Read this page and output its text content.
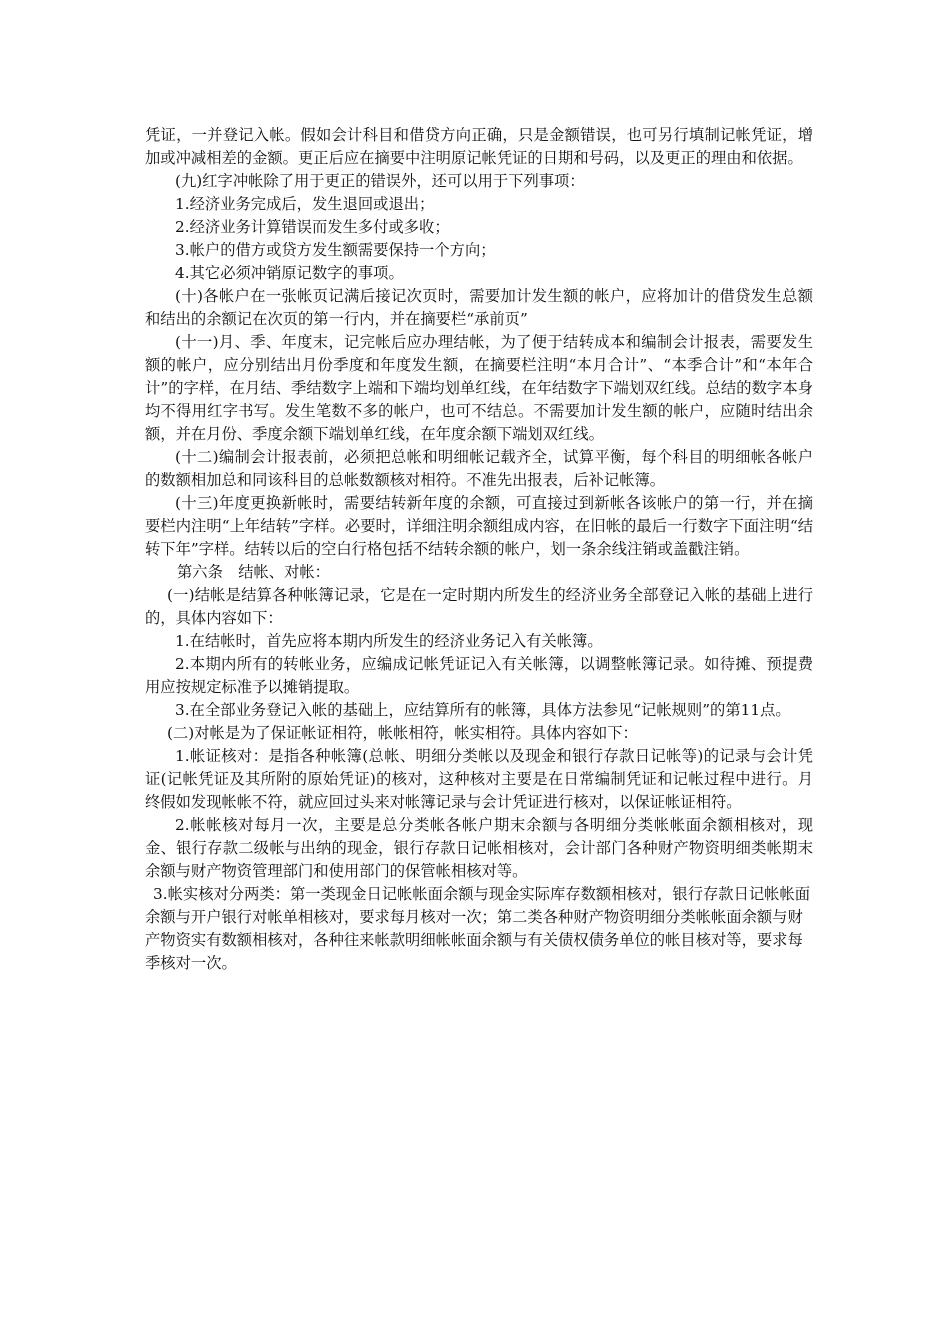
凭证，一并登记入帐。假如会计科目和借贷方向正确，只是金额错误，也可另行填制记帐凭证，增加或冲减相差的金额。更正后应在摘要中注明原记帐凭证的日期和号码，以及更正的理由和依据。

(九)红字冲帐除了用于更正的错误外，还可以用于下列事项：

1.经济业务完成后，发生退回或退出；

2.经济业务计算错误而发生多付或多收；

3.帐户的借方或贷方发生额需要保持一个方向；

4.其它必须冲销原记数字的事项。

(十)各帐户在一张帐页记满后接记次页时，需要加计发生额的帐户，应将加计的借贷发生总额和结出的余额记在次页的第一行内，并在摘要栏“承前页”

(十一)月、季、年度末，记完帐后应办理结帐，为了便于结转成本和编制会计报表，需要发生额的帐户，应分别结出月份季度和年度发生额，在摘要栏注明“本月合计”、“本季合计”和“本年合计”的字样，在月结、季结数字上端和下端均划单红线，在年结数字下端划双红线。总结的数字本身均不得用红字书写。发生笔数不多的帐户，也可不结总。不需要加计发生额的帐户，应随时结出余额，并在月份、季度余额下端划单红线，在年度余额下端划双红线。

(十二)编制会计报表前，必须把总帐和明细帐记载齐全，试算平衡，每个科目的明细帐各帐户的数额相加总和同该科目的总帐数额核对相符。不准先出报表，后补记帐簿。

(十三)年度更换新帐时，需要结转新年度的余额，可直接过到新帐各该帐户的第一行，并在摘要栏内注明“上年结转”字样。必要时，详细注明余额组成内容，在旧帐的最后一行数字下面注明“结转下年”字样。结转以后的空白行格包括不结转余额的帐户，划一条余线注销或盖戳注销。

第六条　结帐、对帐：

(一)结帐是结算各种帐簿记录，它是在一定时期内所发生的经济业务全部登记入帐的基础上进行的，具体内容如下：

1.在结帐时，首先应将本期内所发生的经济业务记入有关帐簿。

2.本期内所有的转帐业务，应编成记帐凭证记入有关帐簿，以调整帐簿记录。如待摊、预提费用应按规定标准予以摊销提取。

3.在全部业务登记入帐的基础上，应结算所有的帐簿，具体方法参见“记帐规则”的第11点。

(二)对帐是为了保证帐证相符，帐帐相符，帐实相符。具体内容如下：

1.帐证核对：是指各种帐簿(总帐、明细分类帐以及现金和银行存款日记帐等)的记录与会计凭证(记帐凭证及其所附的原始凭证)的核对，这种核对主要是在日常编制凭证和记帐过程中进行。月终假如发现帐帐不符，就应回过头来对帐簿记录与会计凭证进行核对，以保证帐证相符。

2.帐帐核对每月一次，主要是总分类帐各帐户期末余额与各明细分类帐帐面余额相核对，现金、银行存款二级帐与出纳的现金，银行存款日记帐相核对，会计部门各种财产物资明细类帐期末余额与财产物资管理部门和使用部门的保管帐相核对等。

3.帐实核对分两类：第一类现金日记帐帐面余额与现金实际库存数额相核对，银行存款日记帐帐面余额与开户银行对帐单相核对，要求每月核对一次；第二类各种财产物资明细分类帐帐面余额与财产物资实有数额相核对，各种往来帐款明细帐帐面余额与有关债权债务单位的帐目核对等，要求每季核对一次。
